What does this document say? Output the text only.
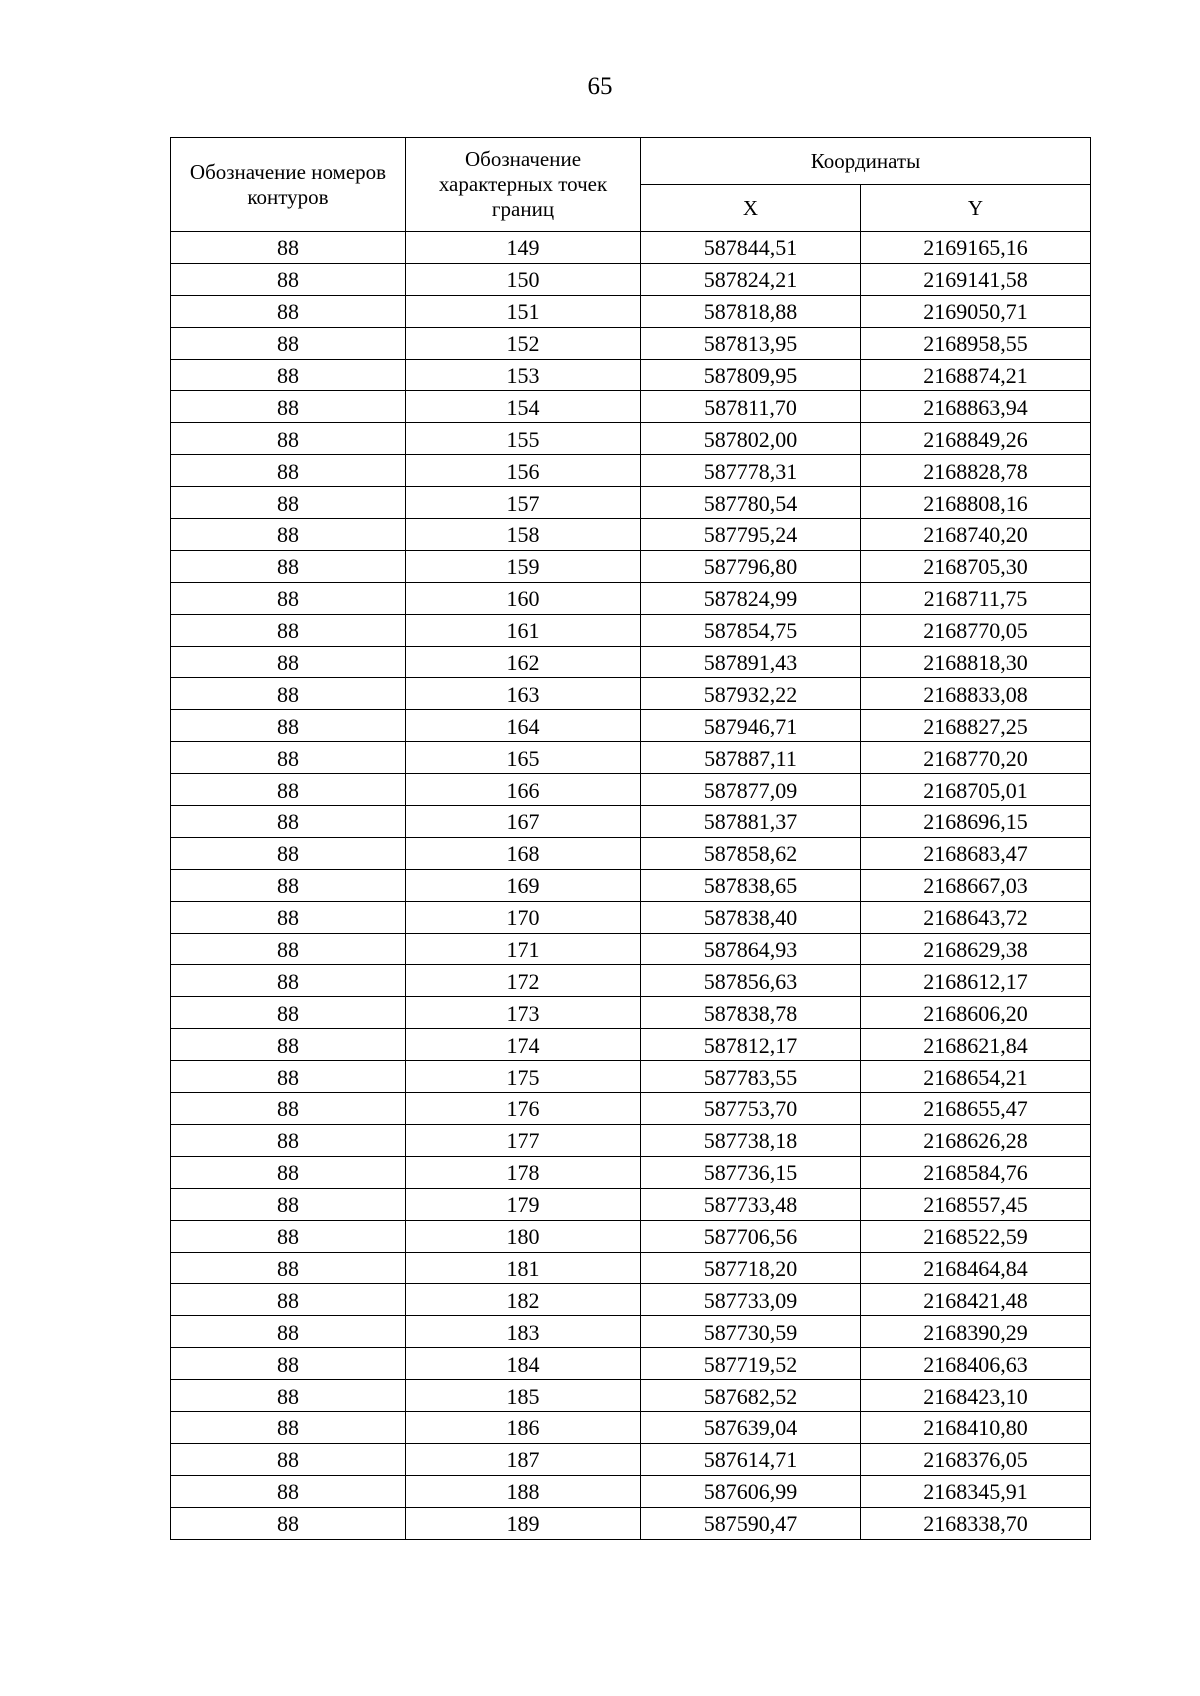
65
Обозначение номеров контуров	Обозначение характерных точек границ	Координаты	
		X	Y
88	149	587844,51	2169165,16
88	150	587824,21	2169141,58
88	151	587818,88	2169050,71
88	152	587813,95	2168958,55
88	153	587809,95	2168874,21
88	154	587811,70	2168863,94
88	155	587802,00	2168849,26
88	156	587778,31	2168828,78
88	157	587780,54	2168808,16
88	158	587795,24	2168740,20
88	159	587796,80	2168705,30
88	160	587824,99	2168711,75
88	161	587854,75	2168770,05
88	162	587891,43	2168818,30
88	163	587932,22	2168833,08
88	164	587946,71	2168827,25
88	165	587887,11	2168770,20
88	166	587877,09	2168705,01
88	167	587881,37	2168696,15
88	168	587858,62	2168683,47
88	169	587838,65	2168667,03
88	170	587838,40	2168643,72
88	171	587864,93	2168629,38
88	172	587856,63	2168612,17
88	173	587838,78	2168606,20
88	174	587812,17	2168621,84
88	175	587783,55	2168654,21
88	176	587753,70	2168655,47
88	177	587738,18	2168626,28
88	178	587736,15	2168584,76
88	179	587733,48	2168557,45
88	180	587706,56	2168522,59
88	181	587718,20	2168464,84
88	182	587733,09	2168421,48
88	183	587730,59	2168390,29
88	184	587719,52	2168406,63
88	185	587682,52	2168423,10
88	186	587639,04	2168410,80
88	187	587614,71	2168376,05
88	188	587606,99	2168345,91
88	189	587590,47	2168338,70
